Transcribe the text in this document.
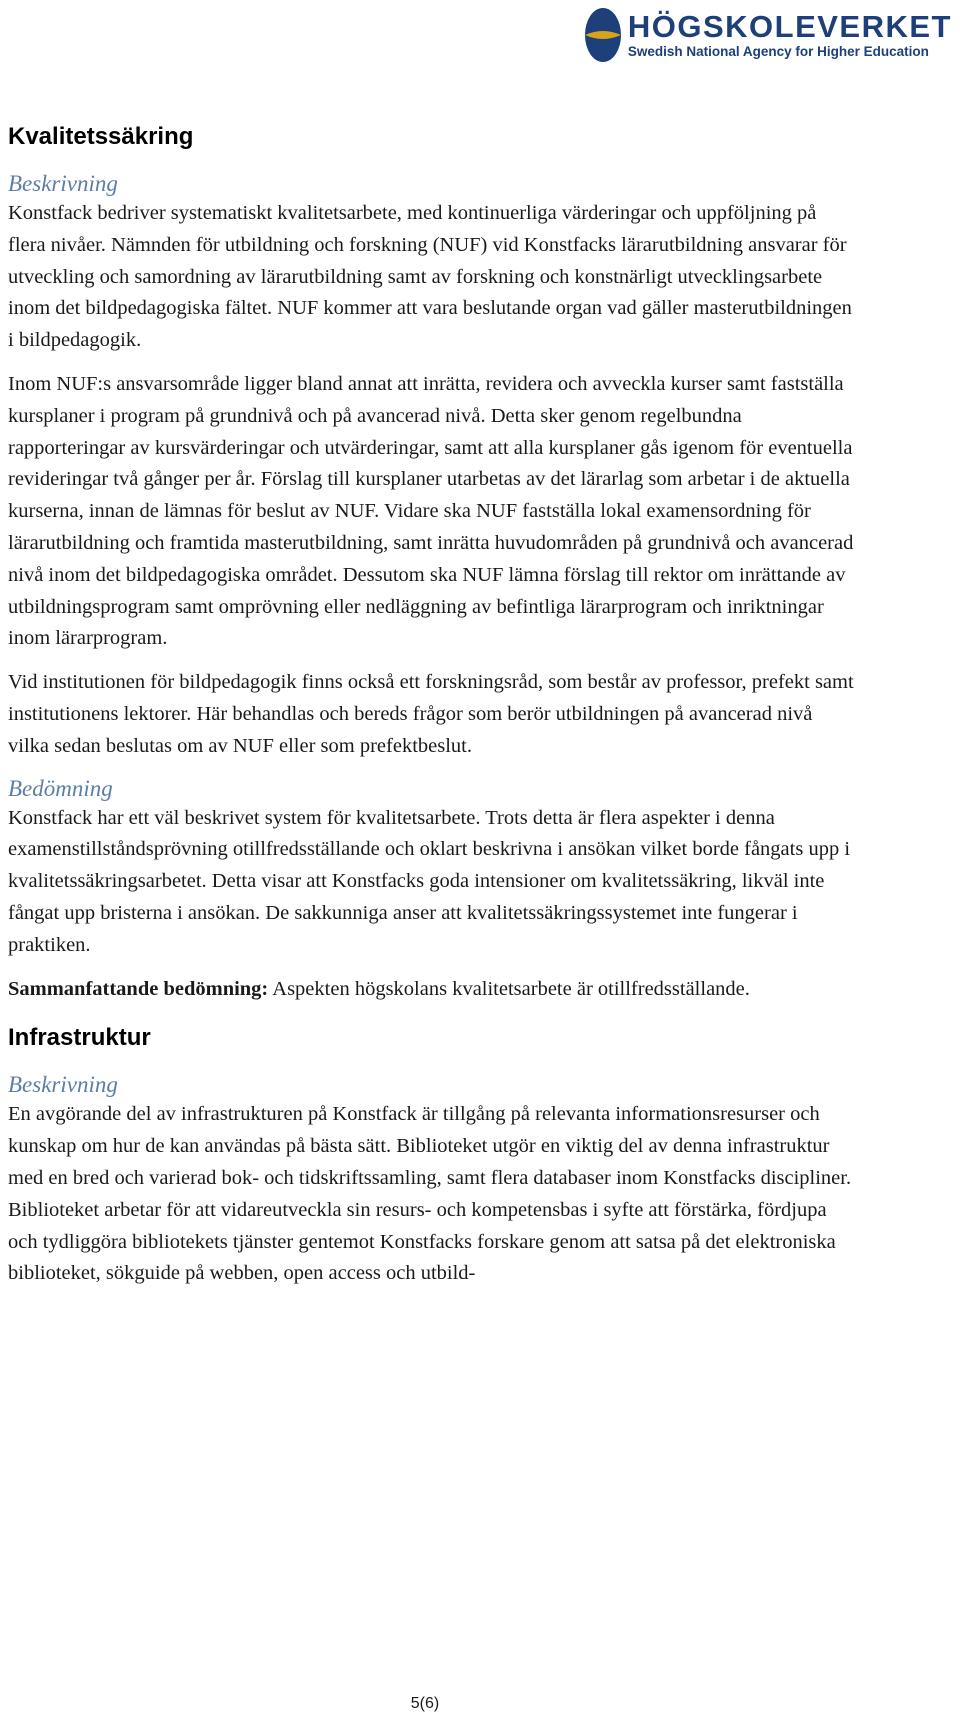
HÖGSKOLEVERKET
Swedish National Agency for Higher Education
Kvalitetssäkring
Beskrivning

Konstfack bedriver systematiskt kvalitetsarbete, med kontinuerliga värderingar och uppföljning på flera nivåer. Nämnden för utbildning och forskning (NUF) vid Konstfacks lärarutbildning ansvarar för utveckling och samordning av lärarutbildning samt av forskning och konstnärligt utvecklingsarbete inom det bildpedagogiska fältet. NUF kommer att vara beslutande organ vad gäller masterutbildningen i bildpedagogik.

Inom NUF:s ansvarsområde ligger bland annat att inrätta, revidera och avveckla kurser samt fastställa kursplaner i program på grundnivå och på avancerad nivå. Detta sker genom regelbundna rapporteringar av kursvärderingar och utvärderingar, samt att alla kursplaner gås igenom för eventuella revideringar två gånger per år. Förslag till kursplaner utarbetas av det lärarlag som arbetar i de aktuella kurserna, innan de lämnas för beslut av NUF. Vidare ska NUF fastställa lokal examensordning för lärarutbildning och framtida masterutbildning, samt inrätta huvudområden på grundnivå och avancerad nivå inom det bildpedagogiska området. Dessutom ska NUF lämna förslag till rektor om inrättande av utbildningsprogram samt omprövning eller nedläggning av befintliga lärarprogram och inriktningar inom lärarprogram.

Vid institutionen för bildpedagogik finns också ett forskningsråd, som består av professor, prefekt samt institutionens lektorer. Här behandlas och bereds frågor som berör utbildningen på avancerad nivå vilka sedan beslutas om av NUF eller som prefektbeslut.

Bedömning

Konstfack har ett väl beskrivet system för kvalitetsarbete. Trots detta är flera aspekter i denna examenstillståndsprövning otillfredsställande och oklart beskrivna i ansökan vilket borde fångats upp i kvalitetssäkringsarbetet. Detta visar att Konstfacks goda intensioner om kvalitetssäkring, likväl inte fångat upp bristerna i ansökan. De sakkunniga anser att kvalitetssäkringssystemet inte fungerar i praktiken.

Sammanfattande bedömning: Aspekten högskolans kvalitetsarbete är otillfredsställande.

Infrastruktur
Beskrivning

En avgörande del av infrastrukturen på Konstfack är tillgång på relevanta informationsresurser och kunskap om hur de kan användas på bästa sätt. Biblioteket utgör en viktig del av denna infrastruktur med en bred och varierad bok- och tidskriftssamling, samt flera databaser inom Konstfacks discipliner. Biblioteket arbetar för att vidareutveckla sin resurs- och kompetensbas i syfte att förstärka, fördjupa och tydliggöra bibliotekets tjänster gentemot Konstfacks forskare genom att satsa på det elektroniska biblioteket, sökguide på webben, open access och utbild-

5(6)
